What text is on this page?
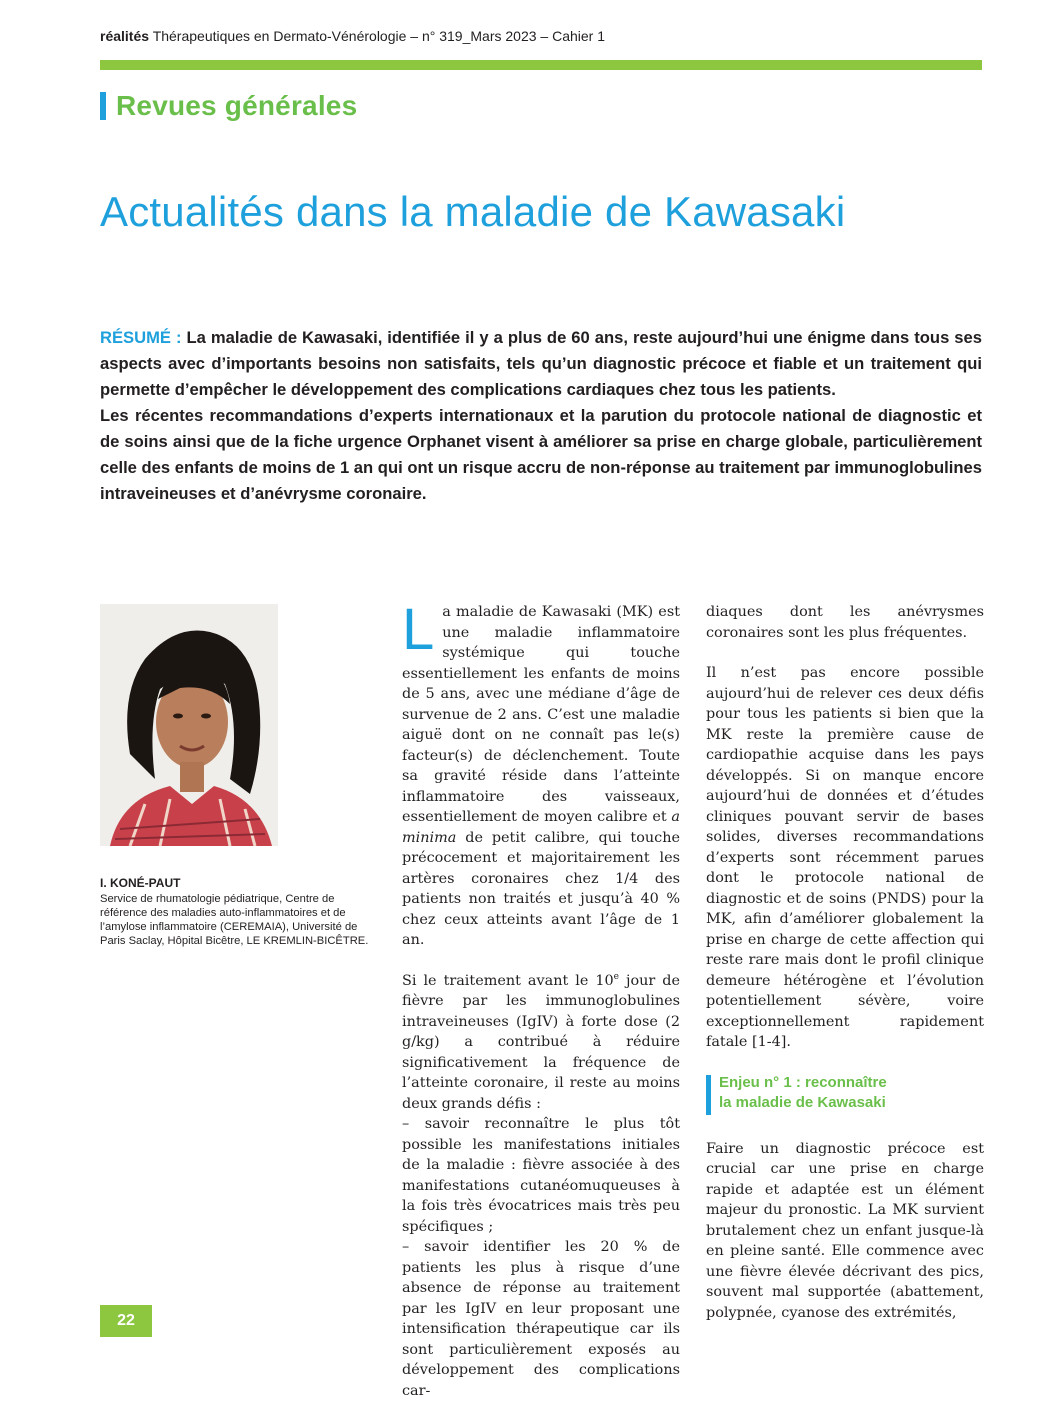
réalités Thérapeutiques en Dermato-Vénérologie – n° 319_Mars 2023 – Cahier 1
Revues générales
Actualités dans la maladie de Kawasaki

RÉSUMÉ : La maladie de Kawasaki, identifiée il y a plus de 60 ans, reste aujourd’hui une énigme dans tous ses aspects avec d’importants besoins non satisfaits, tels qu’un diagnostic précoce et fiable et un traitement qui permette d’empêcher le développement des complications cardiaques chez tous les patients.

Les récentes recommandations d’experts internationaux et la parution du protocole national de diagnostic et de soins ainsi que de la fiche urgence Orphanet visent à améliorer sa prise en charge globale, particulièrement celle des enfants de moins de 1 an qui ont un risque accru de non-réponse au traitement par immunoglobulines intraveineuses et d’anévrysme coronaire.

I. KONÉ-PAUT
Service de rhumatologie pédiatrique, Centre de référence des maladies auto-inflammatoires et de l’amylose inflammatoire (CEREMAIA), Université de Paris Saclay, Hôpital Bicêtre, LE KREMLIN-BICÊTRE.

La maladie de Kawasaki (MK) est une maladie inflammatoire systémique qui touche essentiellement les enfants de moins de 5 ans, avec une médiane d’âge de survenue de 2 ans. C’est une maladie aiguë dont on ne connaît pas le(s) facteur(s) de déclenchement. Toute sa gravité réside dans l’atteinte inflammatoire des vaisseaux, essentiellement de moyen calibre et a minima de petit calibre, qui touche précocement et majoritairement les artères coronaires chez 1/4 des patients non traités et jusqu’à 40 % chez ceux atteints avant l’âge de 1 an.

Si le traitement avant le 10e jour de fièvre par les immunoglobulines intraveineuses (IgIV) à forte dose (2 g/kg) a contribué à réduire significativement la fréquence de l’atteinte coronaire, il reste au moins deux grands défis :

– savoir reconnaître le plus tôt possible les manifestations initiales de la maladie : fièvre associée à des manifestations cutanéomuqueuses à la fois très évocatrices mais très peu spécifiques ;

– savoir identifier les 20 % de patients les plus à risque d’une absence de réponse au traitement par les IgIV en leur proposant une intensification thérapeutique car ils sont particulièrement exposés au développement des complications car-

diaques dont les anévrysmes coronaires sont les plus fréquentes.

Il n’est pas encore possible aujourd’hui de relever ces deux défis pour tous les patients si bien que la MK reste la première cause de cardiopathie acquise dans les pays développés. Si on manque encore aujourd’hui de données et d’études cliniques pouvant servir de bases solides, diverses recommandations d’experts sont récemment parues dont le protocole national de diagnostic et de soins (PNDS) pour la MK, afin d’améliorer globalement la prise en charge de cette affection qui reste rare mais dont le profil clinique demeure hétérogène et l’évolution potentiellement sévère, voire exceptionnellement rapidement fatale [1-4].

Enjeu n° 1 : reconnaître
la maladie de Kawasaki

Faire un diagnostic précoce est crucial car une prise en charge rapide et adaptée est un élément majeur du pronostic. La MK survient brutalement chez un enfant jusque-là en pleine santé. Elle commence avec une fièvre élevée décrivant des pics, souvent mal supportée (abattement, polypnée, cyanose des extrémités,

22
